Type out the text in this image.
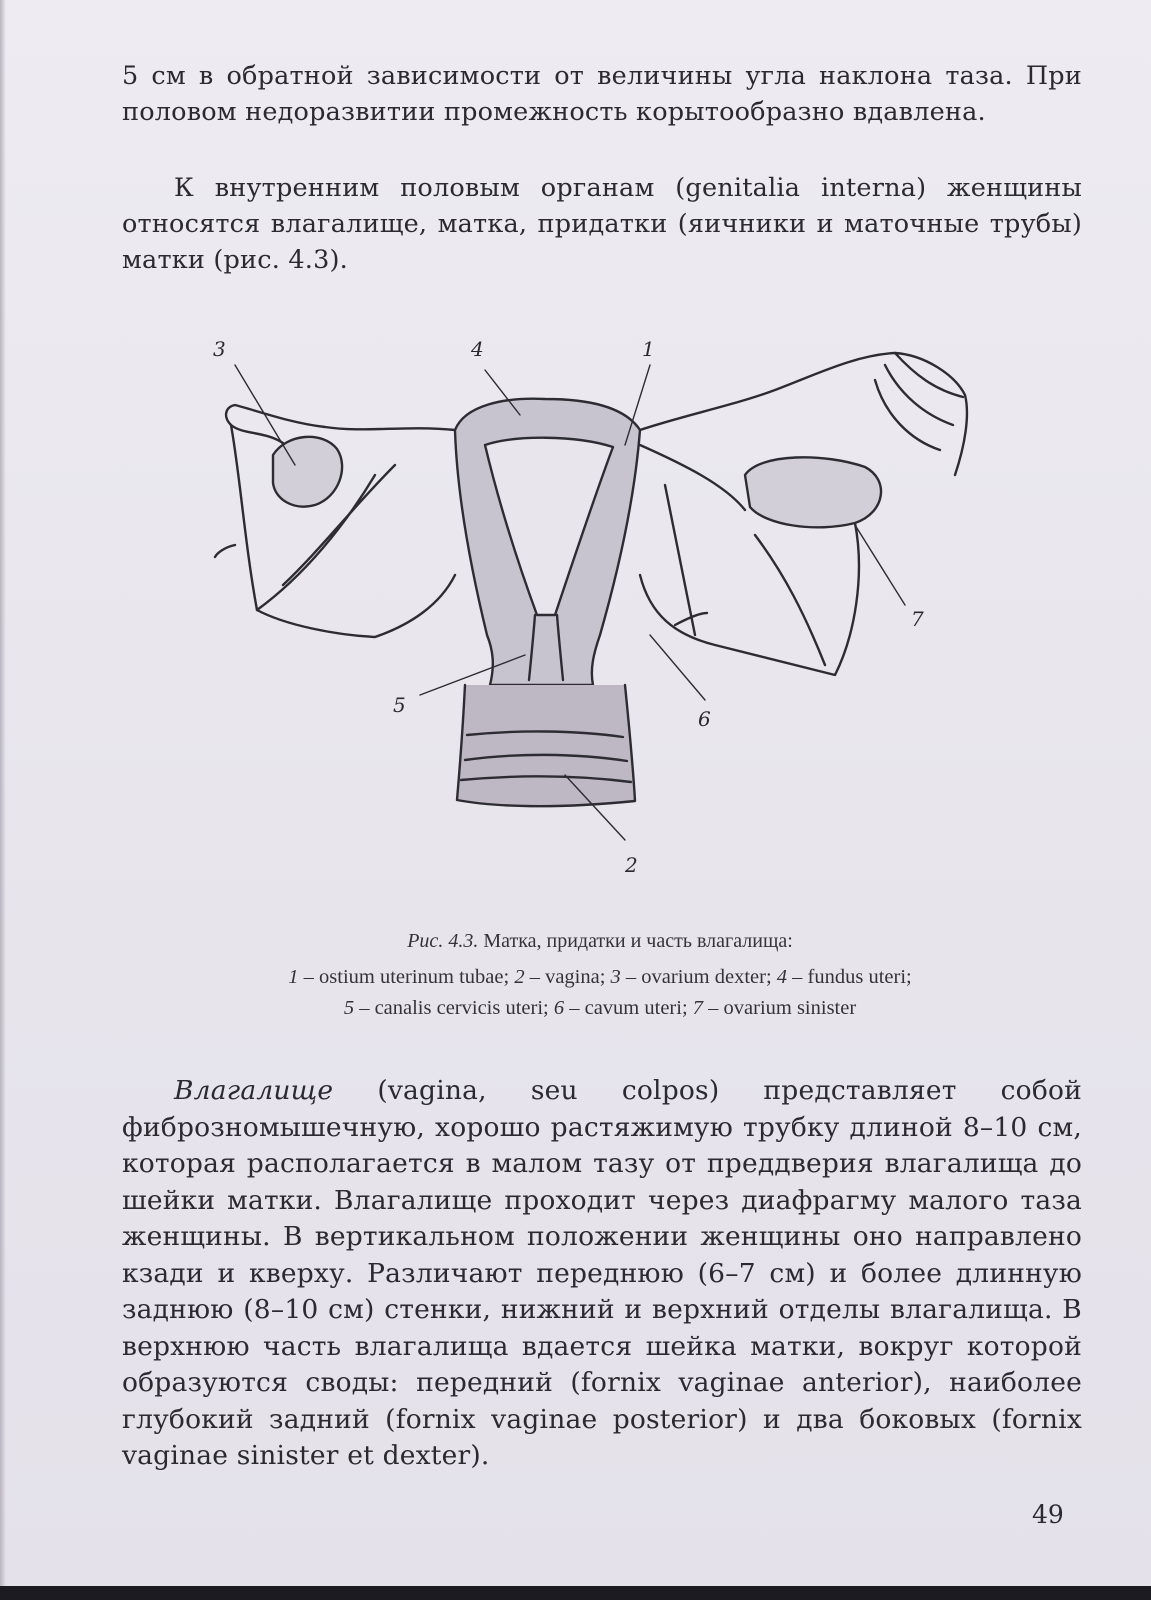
5 см в обратной зависимости от величины угла наклона таза. При половом недоразвитии промежность корытообразно вдавлена.

К внутренним половым органам (genitalia interna) женщины относятся влагалище, матка, придатки (яичники и маточные трубы) матки (рис. 4.3).

3	4	1
7
5
6
2

Рис. 4.3. Матка, придатки и часть влагалища:

1 – ostium uterinum tubae; 2 – vagina; 3 – ovarium dexter; 4 – fundus uteri;

5 – canalis cervicis uteri; 6 – cavum uteri; 7 – ovarium sinister

Влагалище (vagina, seu colpos) представляет собой фиброзномышечную, хорошо растяжимую трубку длиной 8–10 см, которая располагается в малом тазу от преддверия влагалища до шейки матки. Влагалище проходит через диафрагму малого таза женщины. В вертикальном положении женщины оно направлено кзади и кверху. Различают переднюю (6–7 см) и более длинную заднюю (8–10 см) стенки, нижний и верхний отделы влагалища. В верхнюю часть влагалища вдается шейка матки, вокруг которой образуются своды: передний (fornix vaginae anterior), наиболее глубокий задний (fornix vaginae posterior) и два боковых (fornix vaginae sinister et dexter).

49
